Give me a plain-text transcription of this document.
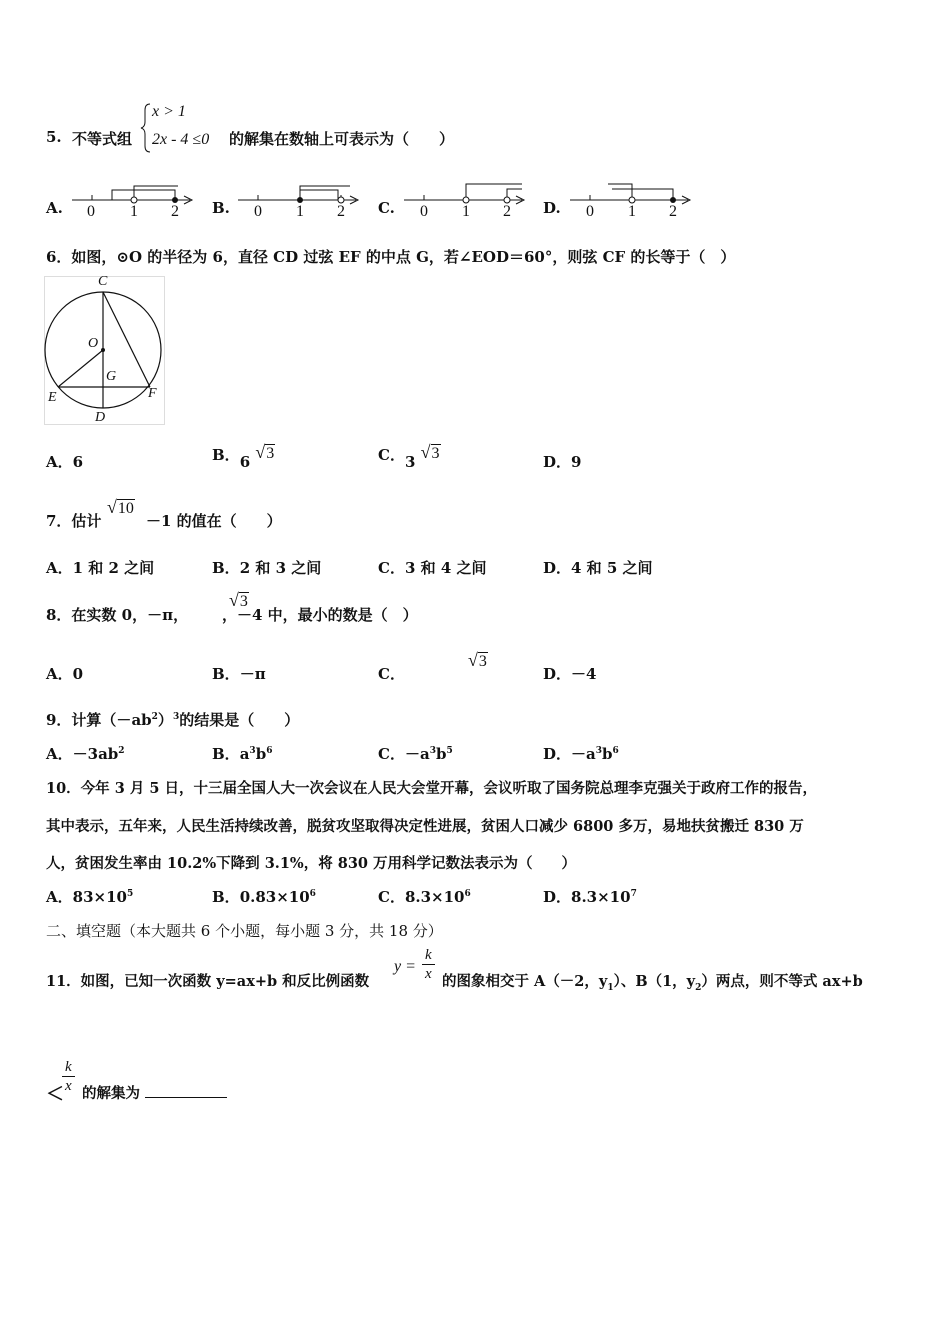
5. 不等式组
x > 1
2x - 4 ≤0 的解集在数轴上可表示为（　　）
A. 0 1 2 B. 0 1 2 C. 0 1 2 D. 0 1 2
6．如图，⊙O 的半径为 6，直径 CD 过弦 EF 的中点 G，若∠EOD＝60°，则弦 CF 的长等于（　）
C
O
G
E	F
D
A．6	B．6 √3	C．3 √3	D．9
7．估计
√10
－1 的值在（　　）
A．1 和 2 之间	B．2 和 3 之间	C．3 和 4 之间	D．4 和 5 之间
8．在实数 0，－π，
√3
，－4 中，最小的数是（　）
A．0	B．－π	C．
√3
D．－4
9．计算$(-ab^2)^3$的结果是（　　）
A．$-3ab^2$	B．$a^3b^6$	C．$-a^3b^5$	D．$-a^3b^6$
10．今年 3 月 5 日，十三届全国人大一次会议在人民大会堂开幕，会议听取了国务院总理李克强关于政府工作的报告，
其中表示，五年来，人民生活持续改善，脱贫攻坚取得决定性进展，贫困人口减少 6800 多万，易地扶贫搬迁 830 万
人，贫困发生率由 10.2%下降到 3.1%，将 830 万用科学记数法表示为（　　）
A．$83\times 10^5$	B．$0.83\times 10^6$	C．$8.3\times 10^6$	D．$8.3\times 10^7$
二、填空题（本大题共 6 个小题，每小题 3 分，共 18 分）
11．如图，已知一次函数 y=ax+b 和反比例函数
$y = \frac{k}{x}$ 的图象相交于 A（－2，$y_1$）、B（1，$y_2$）两点，则不等式 ax+b
＜
$\frac{k}{x}$ 的解集为
